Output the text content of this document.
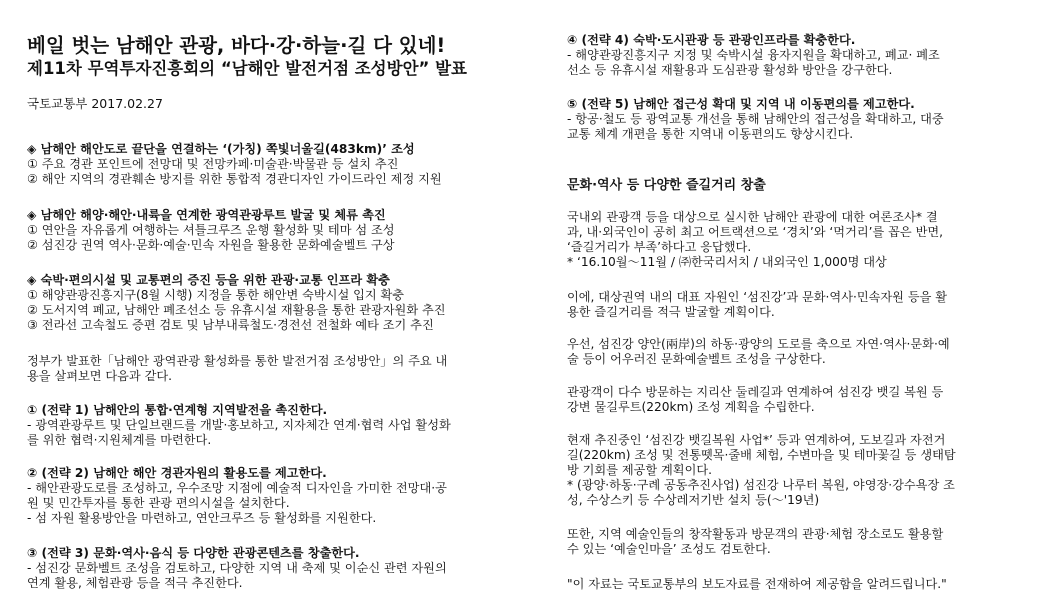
베일 벗는 남해안 관광, 바다·강·하늘·길 다 있네!
제11차 무역투자진흥회의 “남해안 발전거점 조성방안” 발표
국토교통부 2017.02.27
◈ 남해안 해안도로 끝단을 연결하는 ‘(가칭) 쪽빛너울길(483km)’ 조성
① 주요 경관 포인트에 전망대 및 전망카페·미술관·박물관 등 설치 추진
② 해안 지역의 경관훼손 방지를 위한 통합적 경관디자인 가이드라인 제정 지원
◈ 남해안 해양·해안·내륙을 연계한 광역관광루트 발굴 및 체류 촉진
① 연안을 자유롭게 여행하는 셔틀크루즈 운행 활성화 및 테마 섬 조성
② 섬진강 권역 역사·문화·예술·민속 자원을 활용한 문화예술벨트 구상
◈ 숙박·편의시설 및 교통편의 증진 등을 위한 관광·교통 인프라 확충
① 해양관광진흥지구(8월 시행) 지정을 통한 해안변 숙박시설 입지 확충
② 도서지역 폐교, 남해안 폐조선소 등 유휴시설 재활용을 통한 관광자원화 추진
③ 전라선 고속철도 증편 검토 및 남부내륙철도·경전선 전철화 예타 조기 추진
정부가 발표한「남해안 광역관광 활성화를 통한 발전거점 조성방안」의 주요 내
용을 살펴보면 다음과 같다.
① (전략 1) 남해안의 통합·연계형 지역발전을 촉진한다.
- 광역관광루트 및 단일브랜드를 개발·홍보하고, 지자체간 연계·협력 사업 활성화
를 위한 협력·지원체계를 마련한다.
② (전략 2) 남해안 해안 경관자원의 활용도를 제고한다.
- 해안관광도로를 조성하고, 우수조망 지점에 예술적 디자인을 가미한 전망대·공
원 및 민간투자를 통한 관광 편의시설을 설치한다.
- 섬 자원 활용방안을 마련하고, 연안크루즈 등 활성화를 지원한다.
③ (전략 3) 문화·역사·음식 등 다양한 관광콘텐츠를 창출한다.
- 섬진강 문화벨트 조성을 검토하고, 다양한 지역 내 축제 및 이순신 관련 자원의
연계 활용, 체험관광 등을 적극 추진한다.
④ (전략 4) 숙박·도시관광 등 관광인프라를 확충한다.
- 해양관광진흥지구 지정 및 숙박시설 융자지원을 확대하고, 폐교· 폐조
선소 등 유휴시설 재활용과 도심관광 활성화 방안을 강구한다.
⑤ (전략 5) 남해안 접근성 확대 및 지역 내 이동편의를 제고한다.
- 항공·철도 등 광역교통 개선을 통해 남해안의 접근성을 확대하고, 대중
교통 체계 개편을 통한 지역내 이동편의도 향상시킨다.
문화·역사 등 다양한 즐길거리 창출
국내외 관광객 등을 대상으로 실시한 남해안 관광에 대한 여론조사* 결
과, 내·외국인이 공히 최고 어트랙션으로 ‘경치’와 ‘먹거리’를 꼽은 반면,
‘즐길거리가 부족’하다고 응답했다.
* ‘16.10월～11월 / ㈜한국리서치 / 내외국인 1,000명 대상
이에, 대상권역 내의 대표 자원인 ‘섬진강’과 문화·역사·민속자원 등을 활
용한 즐길거리를 적극 발굴할 계획이다.
우선, 섬진강 양안(兩岸)의 하동·광양의 도로를 축으로 자연·역사·문화·예
술 등이 어우러진 문화예술벨트 조성을 구상한다.
관광객이 다수 방문하는 지리산 둘레길과 연계하여 섬진강 뱃길 복원 등
강변 물길루트(220km) 조성 계획을 수립한다.
현재 추진중인 ‘섬진강 뱃길복원 사업*’ 등과 연계하여, 도보길과 자전거
길(220km) 조성 및 전통뗏목·줄배 체험, 수변마을 및 테마꽃길 등 생태탐
방 기회를 제공할 계획이다.
* (광양·하동·구례 공동추진사업) 섬진강 나루터 복원, 야영장·강수욕장 조
성, 수상스키 등 수상레저기반 설치 등(～'19년)
또한, 지역 예술인들의 창작활동과 방문객의 관광·체험 장소로도 활용할
수 있는 ‘예술인마을’ 조성도 검토한다.
"이 자료는 국토교통부의 보도자료를 전재하여 제공함을 알려드립니다."
